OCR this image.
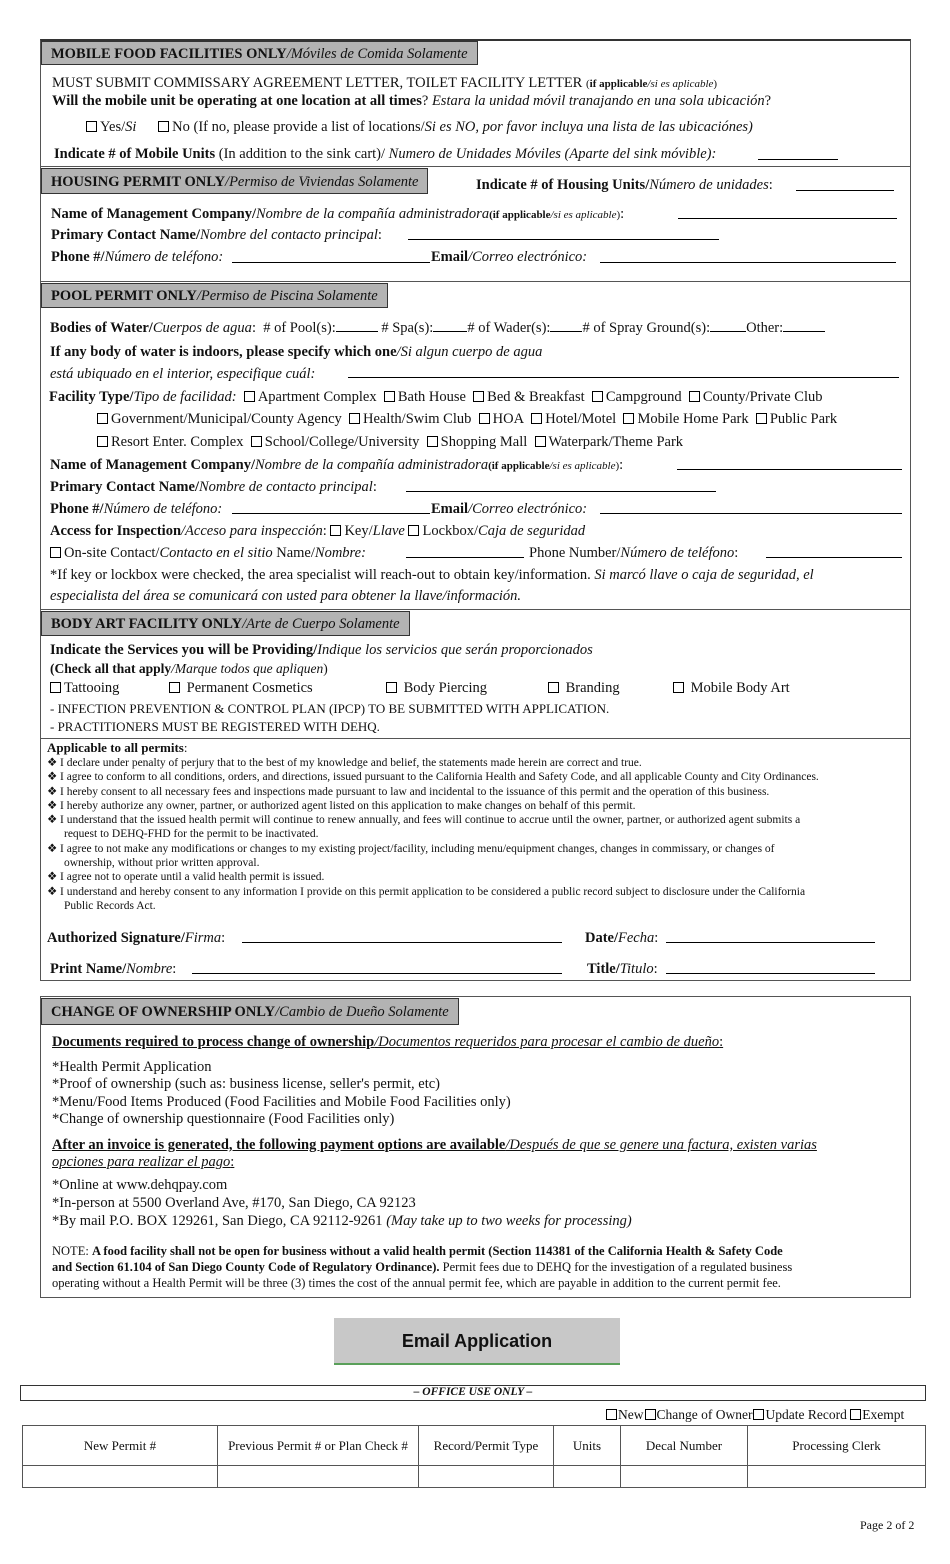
MOBILE FOOD FACILITIES ONLY/Móviles de Comida Solamente
MUST SUBMIT COMMISSARY AGREEMENT LETTER, TOILET FACILITY LETTER (if applicable/si es aplicable)
Will the mobile unit be operating at one location at all times? Estara la unidad móvil tranajando en una sola ubicación?
Yes/Si No (If no, please provide a list of locations/Si es NO, por favor incluya una lista de las ubicaciónes)
Indicate # of Mobile Units (In addition to the sink cart)/ Numero de Unidades Móviles (Aparte del sink móvible):
HOUSING PERMIT ONLY/Permiso de Viviendas Solamente	Indicate # of Housing Units/Número de unidades:
Name of Management Company/Nombre de la compañía administradora(if applicable/si es aplicable):
Primary Contact Name/Nombre del contacto principal:
Phone #/Número de teléfono:	Email/Correo electrónico:
POOL PERMIT ONLY/Permiso de Piscina Solamente
Bodies of Water/Cuerpos de agua:  # of Pool(s):	# Spa(s): # of Wader(s): # of Spray Ground(s): Other:
If any body of water is indoors, please specify which one/Si algun cuerpo de agua
está ubiquado en el interior, especifique cuál:
Facility Type/Tipo de facilidad: Apartment Complex Bath House Bed & Breakfast Campground County/Private Club
Government/Municipal/County Agency Health/Swim Club HOA Hotel/Motel Mobile Home Park Public Park
Resort Enter. Complex School/College/University Shopping Mall Waterpark/Theme Park
Name of Management Company/Nombre de la compañía administradora(if applicable/si es aplicable):
Primary Contact Name/Nombre de contacto principal:
Phone #/Número de teléfono:	Email/Correo electrónico:
Access for Inspection/Acceso para inspección: Key/Llave Lockbox/Caja de seguridad
On-site Contact/Contacto en el sitio Name/Nombre:	Phone Number/Número de teléfono:
*If key or lockbox were checked, the area specialist will reach-out to obtain key/information. Si marcó llave o caja de seguridad, el
especialista del área se comunicará con usted para obtener la llave/información.
BODY ART FACILITY ONLY/Arte de Cuerpo Solamente
Indicate the Services you will be Providing/Indique los servicios que serán proporcionados
(Check all that apply/Marque todos que apliquen)
Tattooing	Permanent Cosmetics	Body Piercing	Branding	Mobile Body Art
- INFECTION PREVENTION & CONTROL PLAN (IPCP) TO BE SUBMITTED WITH APPLICATION.
- PRACTITIONERS MUST BE REGISTERED WITH DEHQ.
Applicable to all permits:
❖ I declare under penalty of perjury that to the best of my knowledge and belief, the statements made herein are correct and true.
❖ I agree to conform to all conditions, orders, and directions, issued pursuant to the California Health and Safety Code, and all applicable County and City Ordinances.
❖ I hereby consent to all necessary fees and inspections made pursuant to law and incidental to the issuance of this permit and the operation of this business.
❖ I hereby authorize any owner, partner, or authorized agent listed on this application to make changes on behalf of this permit.
❖ I understand that the issued health permit will continue to renew annually, and fees will continue to accrue until the owner, partner, or authorized agent submits a
request to DEHQ-FHD for the permit to be inactivated.
❖ I agree to not make any modifications or changes to my existing project/facility, including menu/equipment changes, changes in commissary, or changes of
ownership, without prior written approval.
❖ I agree not to operate until a valid health permit is issued.
❖ I understand and hereby consent to any information I provide on this permit application to be considered a public record subject to disclosure under the California
Public Records Act.
Authorized Signature/Firma:	Date/Fecha:
Print Name/Nombre:	Title/Titulo:
CHANGE OF OWNERSHIP ONLY/Cambio de Dueño Solamente
Documents required to process change of ownership/Documentos requeridos para procesar el cambio de dueño:
*Health Permit Application
*Proof of ownership (such as: business license, seller's permit, etc)
*Menu/Food Items Produced (Food Facilities and Mobile Food Facilities only)
*Change of ownership questionnaire (Food Facilities only)
After an invoice is generated, the following payment options are available/Después de que se genere una factura, existen varias
opciones para realizar el pago:
*Online at www.dehqpay.com
*In-person at 5500 Overland Ave, #170, San Diego, CA 92123
*By mail P.O. BOX 129261, San Diego, CA 92112-9261 (May take up to two weeks for processing)
NOTE: A food facility shall not be open for business without a valid health permit (Section 114381 of the California Health & Safety Code
and Section 61.104 of San Diego County Code of Regulatory Ordinance). Permit fees due to DEHQ for the investigation of a regulated business
operating without a Health Permit will be three (3) times the cost of the annual permit fee, which are payable in addition to the current permit fee.
Email Application
– OFFICE USE ONLY –
New Change of Owner Update Record Exempt
New Permit #	Previous Permit # or Plan Check #	Record/Permit Type	Units	Decal Number	Processing Clerk

Page 2 of 2
